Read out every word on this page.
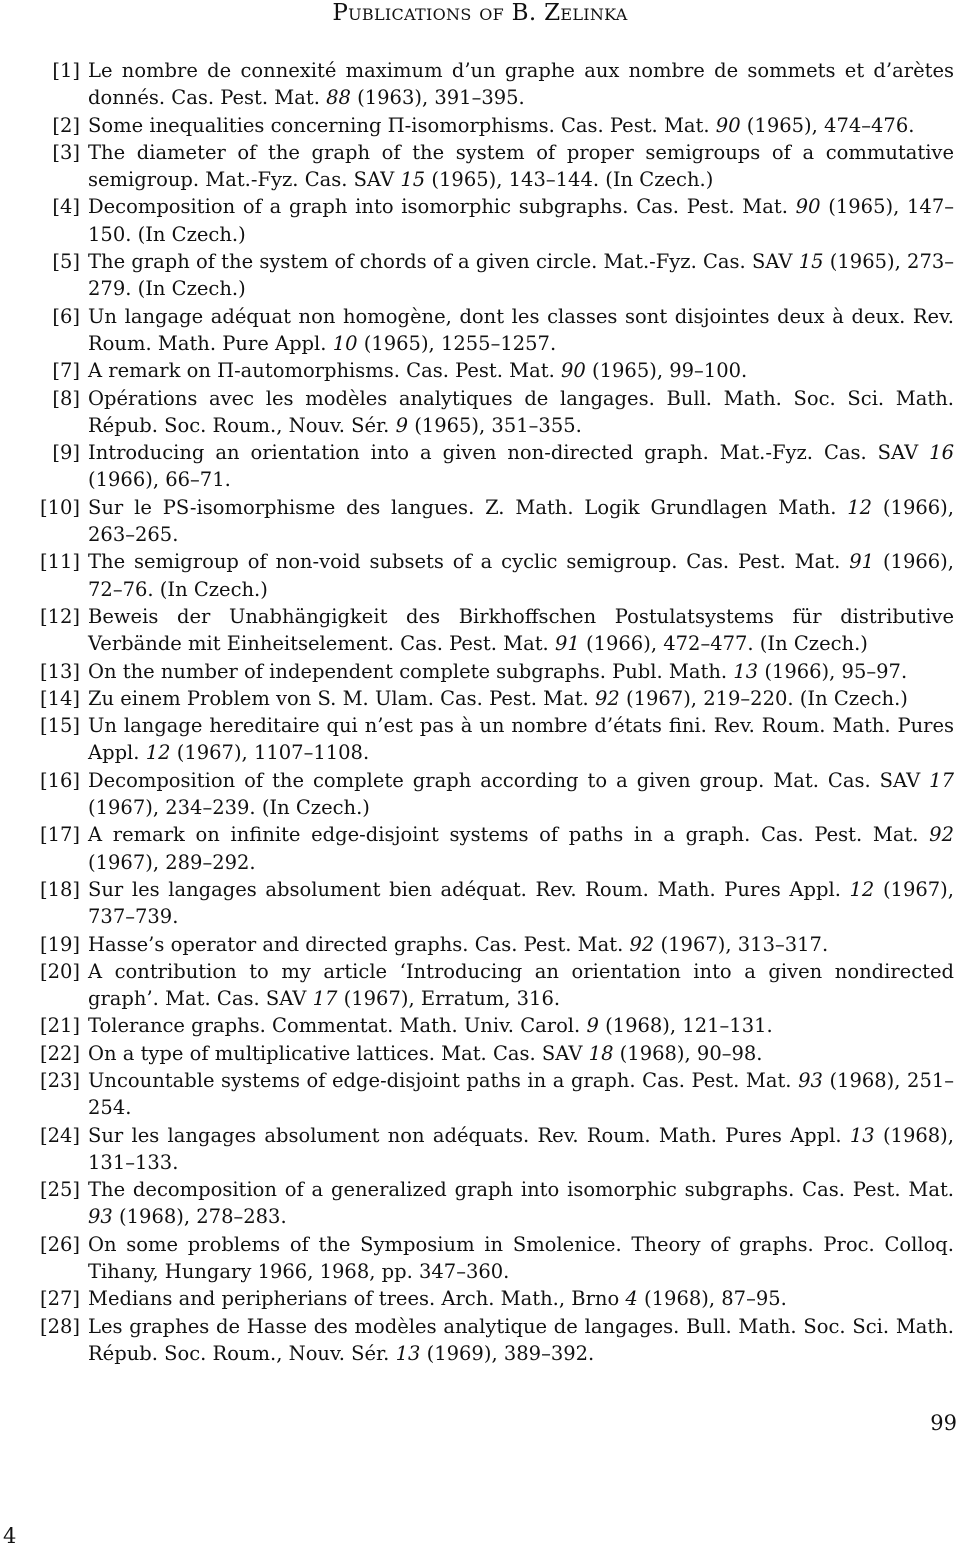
Publications of B. Zelinka
[1] Le nombre de connexité maximum d’un graphe aux nombre de sommets et d’arètes donnés. Cas. Pest. Mat. 88 (1963), 391–395.
[2] Some inequalities concerning Π-isomorphisms. Cas. Pest. Mat. 90 (1965), 474–476.
[3] The diameter of the graph of the system of proper semigroups of a commutative semigroup. Mat.-Fyz. Cas. SAV 15 (1965), 143–144. (In Czech.)
[4] Decomposition of a graph into isomorphic subgraphs. Cas. Pest. Mat. 90 (1965), 147–150. (In Czech.)
[5] The graph of the system of chords of a given circle. Mat.-Fyz. Cas. SAV 15 (1965), 273–279. (In Czech.)
[6] Un langage adéquat non homogène, dont les classes sont disjointes deux à deux. Rev. Roum. Math. Pure Appl. 10 (1965), 1255–1257.
[7] A remark on Π-automorphisms. Cas. Pest. Mat. 90 (1965), 99–100.
[8] Opérations avec les modèles analytiques de langages. Bull. Math. Soc. Sci. Math. Répub. Soc. Roum., Nouv. Sér. 9 (1965), 351–355.
[9] Introducing an orientation into a given non-directed graph. Mat.-Fyz. Cas. SAV 16 (1966), 66–71.
[10] Sur le PS-isomorphisme des langues. Z. Math. Logik Grundlagen Math. 12 (1966), 263–265.
[11] The semigroup of non-void subsets of a cyclic semigroup. Cas. Pest. Mat. 91 (1966), 72–76. (In Czech.)
[12] Beweis der Unabhängigkeit des Birkhoffschen Postulatsystems für distributive Verbände mit Einheitselement. Cas. Pest. Mat. 91 (1966), 472–477. (In Czech.)
[13] On the number of independent complete subgraphs. Publ. Math. 13 (1966), 95–97.
[14] Zu einem Problem von S. M. Ulam. Cas. Pest. Mat. 92 (1967), 219–220. (In Czech.)
[15] Un langage hereditaire qui n’est pas à un nombre d’états fini. Rev. Roum. Math. Pures Appl. 12 (1967), 1107–1108.
[16] Decomposition of the complete graph according to a given group. Mat. Cas. SAV 17 (1967), 234–239. (In Czech.)
[17] A remark on infinite edge-disjoint systems of paths in a graph. Cas. Pest. Mat. 92 (1967), 289–292.
[18] Sur les langages absolument bien adéquat. Rev. Roum. Math. Pures Appl. 12 (1967), 737–739.
[19] Hasse’s operator and directed graphs. Cas. Pest. Mat. 92 (1967), 313–317.
[20] A contribution to my article ‘Introducing an orientation into a given nondirected graph’. Mat. Cas. SAV 17 (1967), Erratum, 316.
[21] Tolerance graphs. Commentat. Math. Univ. Carol. 9 (1968), 121–131.
[22] On a type of multiplicative lattices. Mat. Cas. SAV 18 (1968), 90–98.
[23] Uncountable systems of edge-disjoint paths in a graph. Cas. Pest. Mat. 93 (1968), 251–254.
[24] Sur les langages absolument non adéquats. Rev. Roum. Math. Pures Appl. 13 (1968), 131–133.
[25] The decomposition of a generalized graph into isomorphic subgraphs. Cas. Pest. Mat. 93 (1968), 278–283.
[26] On some problems of the Symposium in Smolenice. Theory of graphs. Proc. Colloq. Tihany, Hungary 1966, 1968, pp. 347–360.
[27] Medians and peripherians of trees. Arch. Math., Brno 4 (1968), 87–95.
[28] Les graphes de Hasse des modèles analytique de langages. Bull. Math. Soc. Sci. Math. Répub. Soc. Roum., Nouv. Sér. 13 (1969), 389–392.
99
4
